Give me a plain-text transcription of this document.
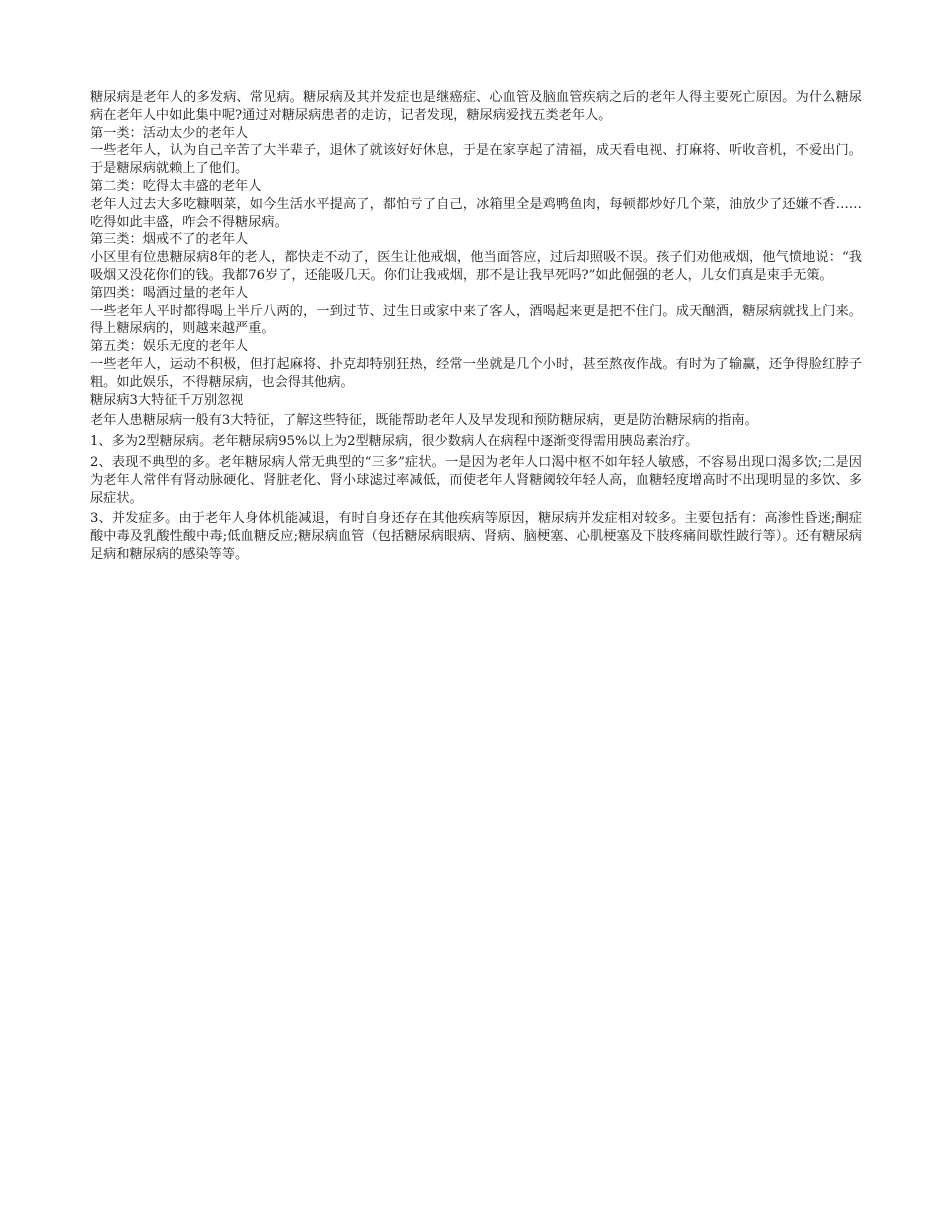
糖尿病是老年人的多发病、常见病。糖尿病及其并发症也是继癌症、心血管及脑血管疾病之后的老年人得主要死亡原因。为什么糖尿病在老年人中如此集中呢?通过对糖尿病患者的走访，记者发现，糖尿病爱找五类老年人。

第一类：活动太少的老年人

一些老年人，认为自己辛苦了大半辈子，退休了就该好好休息，于是在家享起了清福，成天看电视、打麻将、听收音机，不爱出门。于是糖尿病就赖上了他们。

第二类：吃得太丰盛的老年人

老年人过去大多吃糠咽菜，如今生活水平提高了，都怕亏了自己，冰箱里全是鸡鸭鱼肉，每顿都炒好几个菜，油放少了还嫌不香……吃得如此丰盛，咋会不得糖尿病。

第三类：烟戒不了的老年人

小区里有位患糖尿病8年的老人，都快走不动了，医生让他戒烟，他当面答应，过后却照吸不误。孩子们劝他戒烟，他气愤地说：“我吸烟又没花你们的钱。我都76岁了，还能吸几天。你们让我戒烟，那不是让我早死吗?”如此倔强的老人，儿女们真是束手无策。

第四类：喝酒过量的老年人

一些老年人平时都得喝上半斤八两的，一到过节、过生日或家中来了客人，酒喝起来更是把不住门。成天酗酒，糖尿病就找上门来。得上糖尿病的，则越来越严重。

第五类：娱乐无度的老年人

一些老年人，运动不积极，但打起麻将、扑克却特别狂热，经常一坐就是几个小时，甚至熬夜作战。有时为了输赢，还争得脸红脖子粗。如此娱乐，不得糖尿病，也会得其他病。

糖尿病3大特征千万别忽视

老年人患糖尿病一般有3大特征，了解这些特征，既能帮助老年人及早发现和预防糖尿病，更是防治糖尿病的指南。

1、多为2型糖尿病。老年糖尿病95%以上为2型糖尿病，很少数病人在病程中逐渐变得需用胰岛素治疗。

2、表现不典型的多。老年糖尿病人常无典型的“三多”症状。一是因为老年人口渴中枢不如年轻人敏感，不容易出现口渴多饮;二是因为老年人常伴有肾动脉硬化、肾脏老化、肾小球滤过率减低，而使老年人肾糖阈较年轻人高，血糖轻度增高时不出现明显的多饮、多尿症状。

3、并发症多。由于老年人身体机能减退，有时自身还存在其他疾病等原因，糖尿病并发症相对较多。主要包括有：高渗性昏迷;酮症酸中毒及乳酸性酸中毒;低血糖反应;糖尿病血管（包括糖尿病眼病、肾病、脑梗塞、心肌梗塞及下肢疼痛间歇性跛行等）。还有糖尿病足病和糖尿病的感染等等。
